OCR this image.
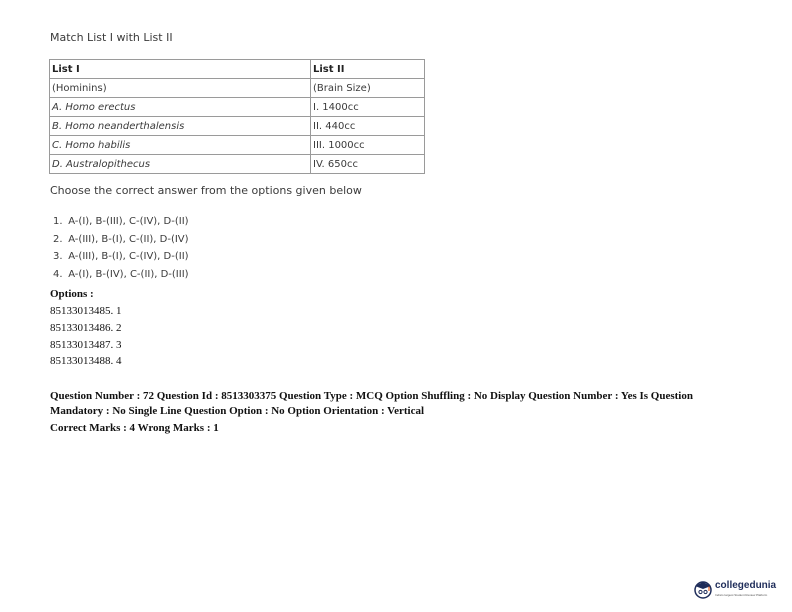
Match List I with List II
List I	List II
(Hominins)	(Brain Size)
A. Homo erectus	I. 1400cc
B. Homo neanderthalensis	II. 440cc
C. Homo habilis	III. 1000cc
D. Australopithecus	IV. 650cc
Choose the correct answer from the options given below
1. A-(I), B-(III), C-(IV), D-(II)
2. A-(III), B-(I), C-(II), D-(IV)
3. A-(III), B-(I), C-(IV), D-(II)
4. A-(I), B-(IV), C-(II), D-(III)
Options :
85133013485. 1
85133013486. 2
85133013487. 3
85133013488. 4
Question Number : 72 Question Id : 8513303375 Question Type : MCQ Option Shuffling : No Display Question Number : Yes Is Question Mandatory : No Single Line Question Option : No Option Orientation : Vertical
Correct Marks : 4 Wrong Marks : 1
collegedunia
India's largest Student Review Platform
